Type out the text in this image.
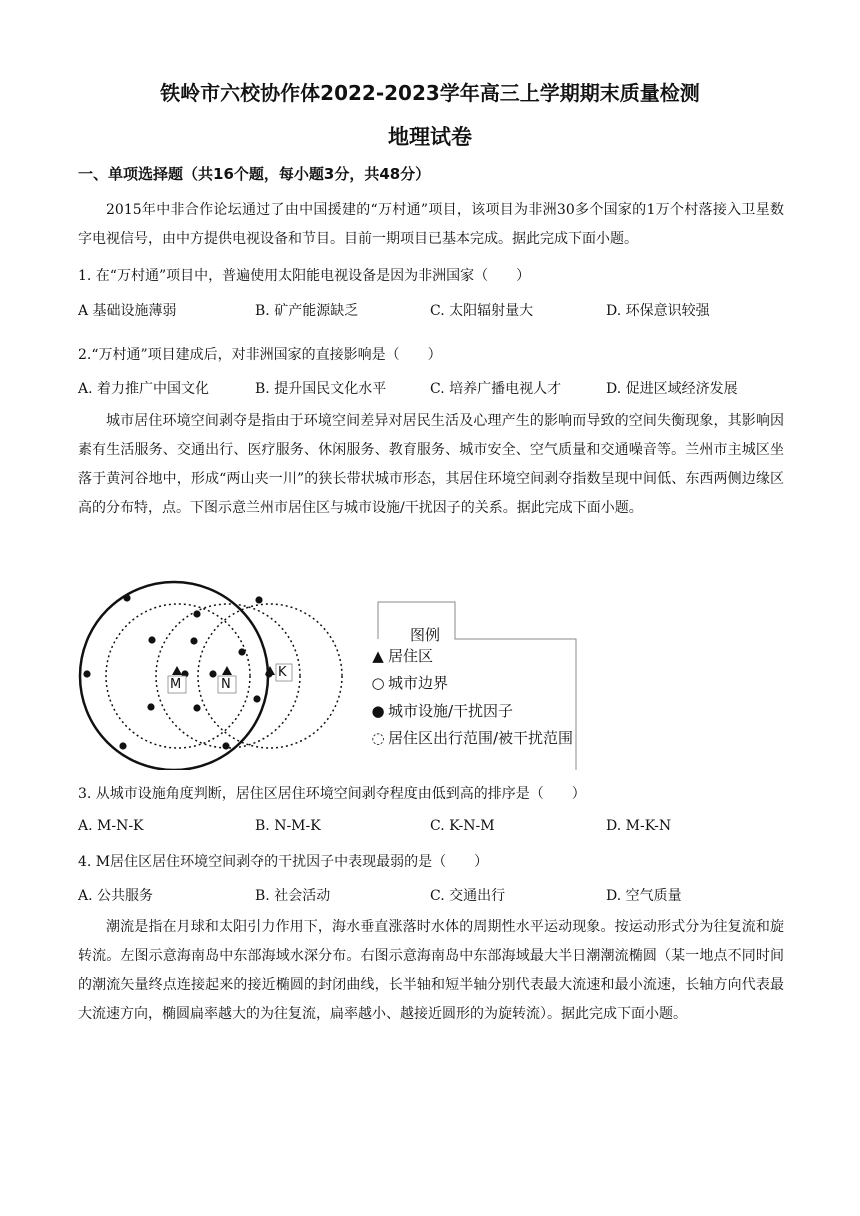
铁岭市六校协作体2022-2023学年高三上学期期末质量检测
地理试卷
一、单项选择题（共16个题，每小题3分，共48分）

2015年中非合作论坛通过了由中国援建的“万村通”项目，该项目为非洲30多个国家的1万个村落接入卫星数字电视信号，由中方提供电视设备和节目。目前一期项目已基本完成。据此完成下面小题。

1. 在“万村通”项目中，普遍使用太阳能电视设备是因为非洲国家（　　）
A 基础设施薄弱	B. 矿产能源缺乏	C. 太阳辐射量大	D. 环保意识较强
2.“万村通”项目建成后，对非洲国家的直接影响是（　　）
A. 着力推广中国文化	B. 提升国民文化水平	C. 培养广播电视人才	D. 促进区域经济发展

城市居住环境空间剥夺是指由于环境空间差异对居民生活及心理产生的影响而导致的空间失衡现象，其影响因素有生活服务、交通出行、医疗服务、休闲服务、教育服务、城市安全、空气质量和交通噪音等。兰州市主城区坐落于黄河谷地中，形成“两山夹一川”的狭长带状城市形态，其居住环境空间剥夺指数呈现中间低、东西两侧边缘区高的分布特，点。下图示意兰州市居住区与城市设施/干扰因子的关系。据此完成下面小题。

M	N
K
图例
▲ 居住区
○ 城市边界
● 城市设施/干扰因子
◌ 居住区出行范围/被干扰范围
3. 从城市设施角度判断，居住区居住环境空间剥夺程度由低到高的排序是（　　）
A. M-N-K	B. N-M-K	C. K-N-M	D. M-K-N
4. M居住区居住环境空间剥夺的干扰因子中表现最弱的是（　　）
A. 公共服务	B. 社会活动	C. 交通出行	D. 空气质量

潮流是指在月球和太阳引力作用下，海水垂直涨落时水体的周期性水平运动现象。按运动形式分为往复流和旋转流。左图示意海南岛中东部海域水深分布。右图示意海南岛中东部海域最大半日潮潮流椭圆（某一地点不同时间的潮流矢量终点连接起来的接近椭圆的封闭曲线，长半轴和短半轴分别代表最大流速和最小流速，长轴方向代表最大流速方向，椭圆扁率越大的为往复流，扁率越小、越接近圆形的为旋转流）。据此完成下面小题。
